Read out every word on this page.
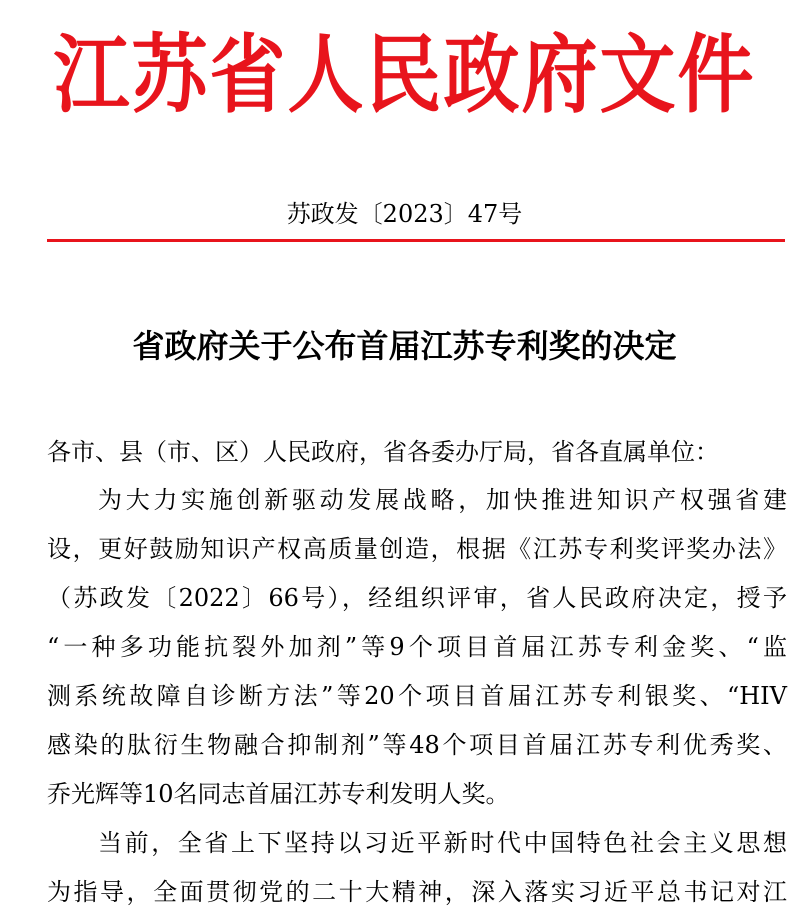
江苏省人民政府文件
苏政发〔2023〕47号
省政府关于公布首届江苏专利奖的决定
各市、县（市、区）人民政府，省各委办厅局，省各直属单位：
为大力实施创新驱动发展战略，加快推进知识产权强省建
设，更好鼓励知识产权高质量创造，根据《江苏专利奖评奖办法》
（苏政发〔2022〕66号），经组织评审，省人民政府决定，授予
“一种多功能抗裂外加剂”等9个项目首届江苏专利金奖、“监
测系统故障自诊断方法”等20个项目首届江苏专利银奖、“HIV
感染的肽衍生物融合抑制剂”等48个项目首届江苏专利优秀奖、
乔光辉等10名同志首届江苏专利发明人奖。
当前，全省上下坚持以习近平新时代中国特色社会主义思想
为指导，全面贯彻党的二十大精神，深入落实习近平总书记对江
